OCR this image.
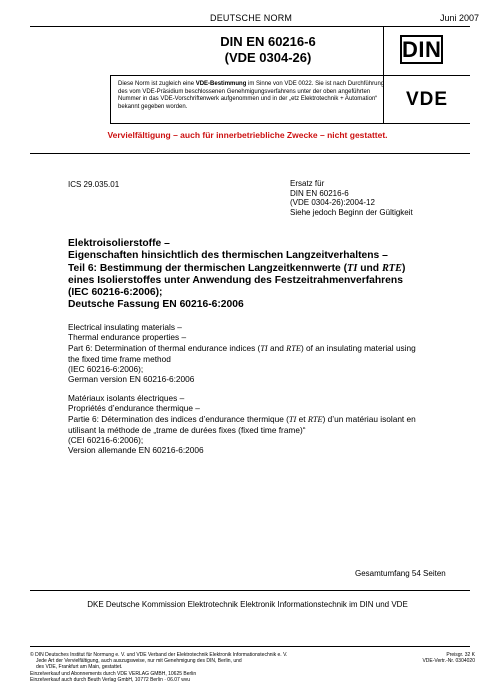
DEUTSCHE NORM	Juni 2007
DIN EN 60216-6
(VDE 0304-26)	DIN
Diese Norm ist zugleich eine VDE-Bestimmung im Sinne von VDE 0022. Sie ist nach Durchführung des vom VDE-Präsidium beschlossenen Genehmigungsverfahrens unter der oben angeführten Nummer in das VDE-Vorschriftenwerk aufgenommen und in der „etz Elektrotechnik + Automation“ bekannt gegeben worden.	VDE
Vervielfältigung – auch für innerbetriebliche Zwecke – nicht gestattet.
ICS 29.035.01	Ersatz für
DIN EN 60216-6
(VDE 0304-26):2004-12
Siehe jedoch Beginn der Gültigkeit
Elektroisolierstoffe –
Eigenschaften hinsichtlich des thermischen Langzeitverhaltens –
Teil 6: Bestimmung der thermischen Langzeitkennwerte (TI und RTE)
eines Isolierstoffes unter Anwendung des Festzeitrahmenverfahrens
(IEC 60216-6:2006);
Deutsche Fassung EN 60216-6:2006
Electrical insulating materials –
Thermal endurance properties –
Part 6: Determination of thermal endurance indices (TI and RTE) of an insulating material using
the fixed time frame method
(IEC 60216-6:2006);
German version EN 60216-6:2006
Matériaux isolants électriques –
Propriétés d’endurance thermique –
Partie 6: Détermination des indices d’endurance thermique (TI et RTE) d’un matériau isolant en
utilisant la méthode de „trame de durées fixes (fixed time frame)“
(CEI 60216-6:2006);
Version allemande EN 60216-6:2006
Gesamtumfang 54 Seiten
DKE Deutsche Kommission Elektrotechnik Elektronik Informationstechnik im DIN und VDE
© DIN Deutsches Institut für Normung e. V. und VDE Verband der Elektrotechnik Elektronik Informationstechnik e. V.
Jede Art der Vervielfältigung, auch auszugsweise, nur mit Genehmigung des DIN, Berlin, und
des VDE, Frankfurt am Main, gestattet.
Einzelverkauf und Abonnements durch VDE VERLAG GMBH, 10625 Berlin
Einzelverkauf auch durch Beuth Verlag GmbH, 10772 Berlin · 06.07 wvu
Preisgr. 32 K
VDE-Vertr.-Nr. 0304020
